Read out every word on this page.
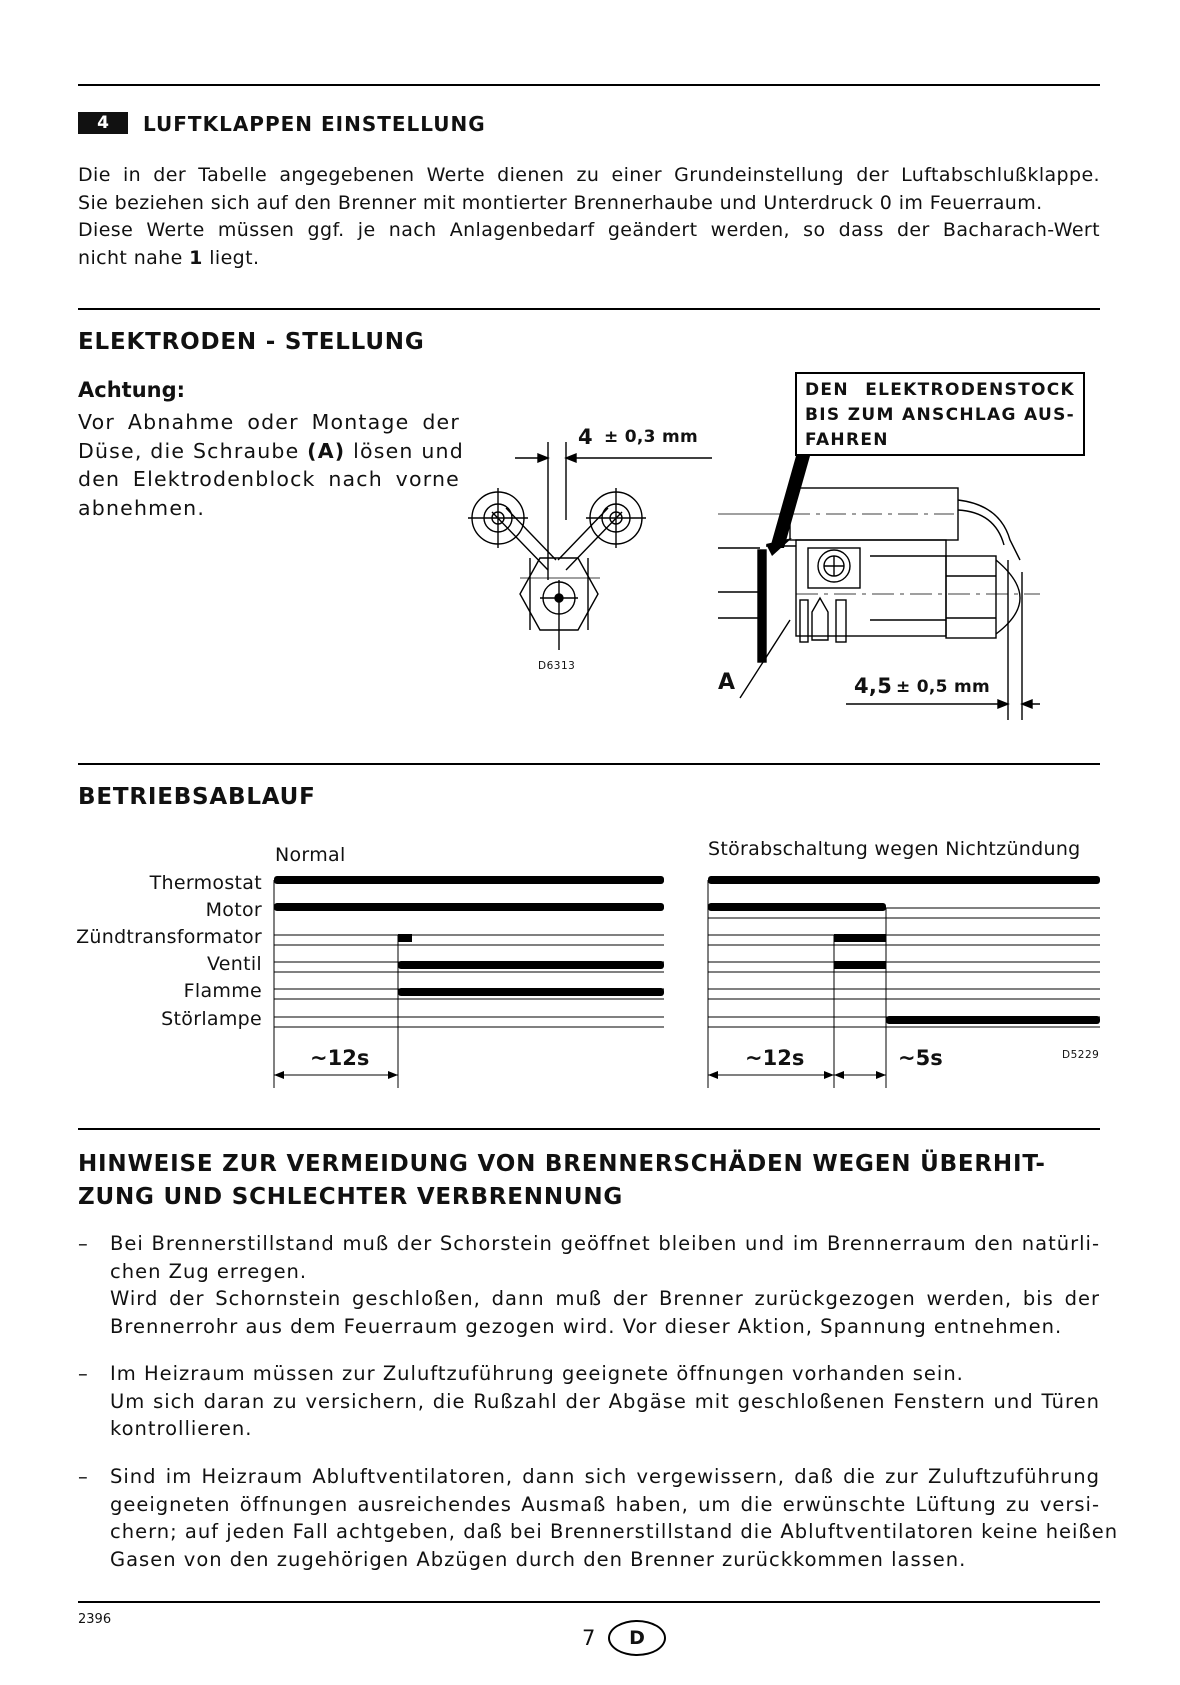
4	LUFTKLAPPEN EINSTELLUNG
Die in der Tabelle angegebenen Werte dienen zu einer Grundeinstellung der Luftabschlußklappe.
Sie beziehen sich auf den Brenner mit montierter Brennerhaube und Unterdruck 0 im Feuerraum.
Diese Werte müssen ggf. je nach Anlagenbedarf geändert werden, so dass der Bacharach-Wert
nicht nahe 1 liegt.
ELEKTRODEN - STELLUNG
Achtung:
Vor Abnahme oder Montage der
Düse, die Schraube (A) lösen und
den Elektrodenblock nach vorne
abnehmen.
DEN ELEKTRODENSTOCK
BIS ZUM ANSCHLAG AUS-
FAHREN
4 ± 0,3 mm
D6313
A	4,5 ± 0,5 mm
BETRIEBSABLAUF
Normal	Störabschaltung wegen Nichtzündung
Thermostat
Motor
Zündtransformator
Ventil
Flamme
Störlampe
~12s	~12s	~5s	D5229
HINWEISE ZUR VERMEIDUNG VON BRENNERSCHÄDEN WEGEN ÜBERHIT-
ZUNG UND SCHLECHTER VERBRENNUNG
– Bei Brennerstillstand muß der Schorstein geöffnet bleiben und im Brennerraum den natürli-
chen Zug erregen.
Wird der Schornstein geschloßen, dann muß der Brenner zurückgezogen werden, bis der
Brennerrohr aus dem Feuerraum gezogen wird. Vor dieser Aktion, Spannung entnehmen.
– Im Heizraum müssen zur Zuluftzuführung geeignete öffnungen vorhanden sein.
Um sich daran zu versichern, die Rußzahl der Abgäse mit geschloßenen Fenstern und Türen
kontrollieren.
– Sind im Heizraum Abluftventilatoren, dann sich vergewissern, daß die zur Zuluftzuführung
geeigneten öffnungen ausreichendes Ausmaß haben, um die erwünschte Lüftung zu versi-
chern; auf jeden Fall achtgeben, daß bei Brennerstillstand die Abluftventilatoren keine heißen
Gasen von den zugehörigen Abzügen durch den Brenner zurückkommen lassen.
2396
7	D
